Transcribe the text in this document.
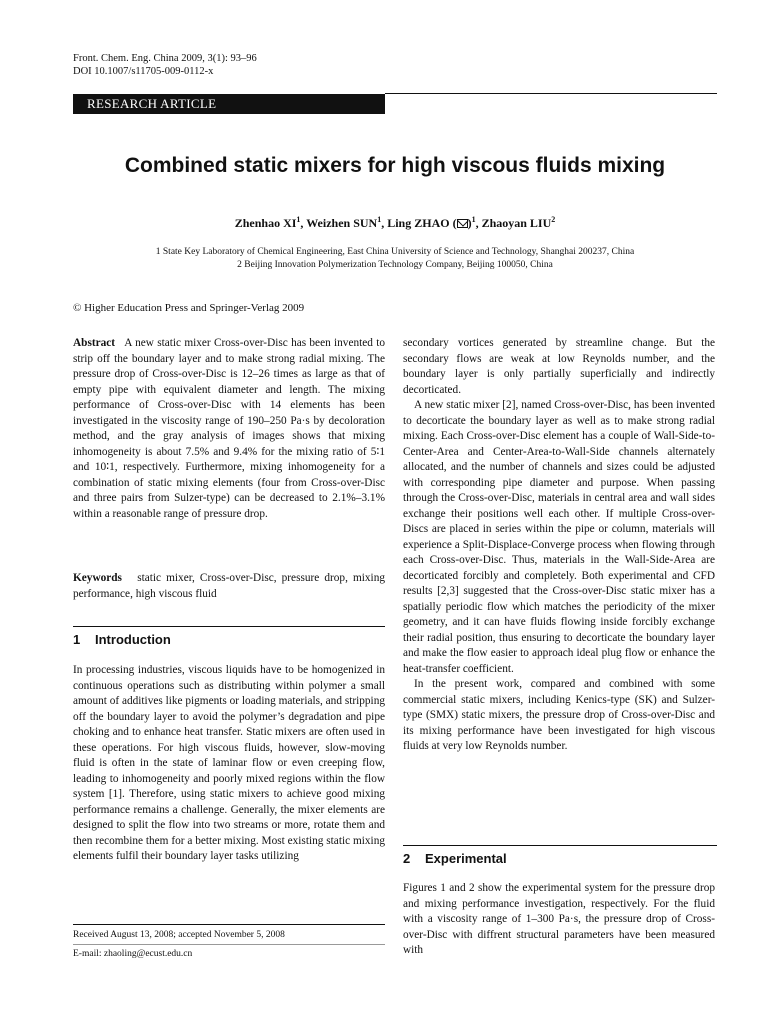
Front. Chem. Eng. China 2009, 3(1): 93–96
DOI 10.1007/s11705-009-0112-x
RESEARCH ARTICLE
Combined static mixers for high viscous fluids mixing
Zhenhao $XI^1$, Weizhen SUN$^1$, Ling ZHAO ( )$^1$, Zhaoyan LIU$^2$
1 State Key Laboratory of Chemical Engineering, East China University of Science and Technology, Shanghai 200237, China
2 Beijing Innovation Polymerization Technology Company, Beijing 100050, China
© Higher Education Press and Springer-Verlag 2009

Abstract A new static mixer Cross-over-Disc has been invented to strip off the boundary layer and to make strong radial mixing. The pressure drop of Cross-over-Disc is 12–26 times as large as that of empty pipe with equivalent diameter and length. The mixing performance of Cross-over-Disc with 14 elements has been investigated in the viscosity range of 190–250 Pa·s by decoloration method, and the gray analysis of images shows that mixing inhomogeneity is about 7.5% and 9.4% for the mixing ratio of 5∶1 and 10∶1, respectively. Furthermore, mixing inhomogeneity for a combination of static mixing elements (four from Cross-over-Disc and three pairs from Sulzer-type) can be decreased to 2.1%–3.1% within a reasonable range of pressure drop.

Keywords static mixer, Cross-over-Disc, pressure drop, mixing performance, high viscous fluid

1 Introduction

In processing industries, viscous liquids have to be homogenized in continuous operations such as distributing within polymer a small amount of additives like pigments or loading materials, and stripping off the boundary layer to avoid the polymer’s degradation and pipe choking and to enhance heat transfer. Static mixers are often used in these operations. For high viscous fluids, however, slow-moving fluid is often in the state of laminar flow or even creeping flow, leading to inhomogeneity and poorly mixed regions within the flow system [1]. Therefore, using static mixers to achieve good mixing performance remains a challenge. Generally, the mixer elements are designed to split the flow into two streams or more, rotate them and then recombine them for a better mixing. Most existing static mixing elements fulfil their boundary layer tasks utilizing

Received August 13, 2008; accepted November 5, 2008
E-mail: zhaoling@ecust.edu.cn

secondary vortices generated by streamline change. But the secondary flows are weak at low Reynolds number, and the boundary layer is only partially superficially and indirectly decorticated.

A new static mixer [2], named Cross-over-Disc, has been invented to decorticate the boundary layer as well as to make strong radial mixing. Each Cross-over-Disc element has a couple of Wall-Side-to-Center-Area and Center-Area-to-Wall-Side channels alternately allocated, and the number of channels and sizes could be adjusted with corresponding pipe diameter and purpose. When passing through the Cross-over-Disc, materials in central area and wall sides exchange their positions well each other. If multiple Cross-over-Discs are placed in series within the pipe or column, materials will experience a Split-Displace-Converge process when flowing through each Cross-over-Disc. Thus, materials in the Wall-Side-Area are decorticated forcibly and completely. Both experimental and CFD results [2,3] suggested that the Cross-over-Disc static mixer has a spatially periodic flow which matches the periodicity of the mixer geometry, and it can have fluids flowing inside forcibly exchange their radial position, thus ensuring to decorticate the boundary layer and make the flow easier to approach ideal plug flow or enhance the heat-transfer coefficient.

In the present work, compared and combined with some commercial static mixers, including Kenics-type (SK) and Sulzer-type (SMX) static mixers, the pressure drop of Cross-over-Disc and its mixing performance have been investigated for high viscous fluids at very low Reynolds number.

2 Experimental

Figures 1 and 2 show the experimental system for the pressure drop and mixing performance investigation, respectively. For the fluid with a viscosity range of 1–300 Pa·s, the pressure drop of Cross-over-Disc with diffrent structural parameters have been measured with
